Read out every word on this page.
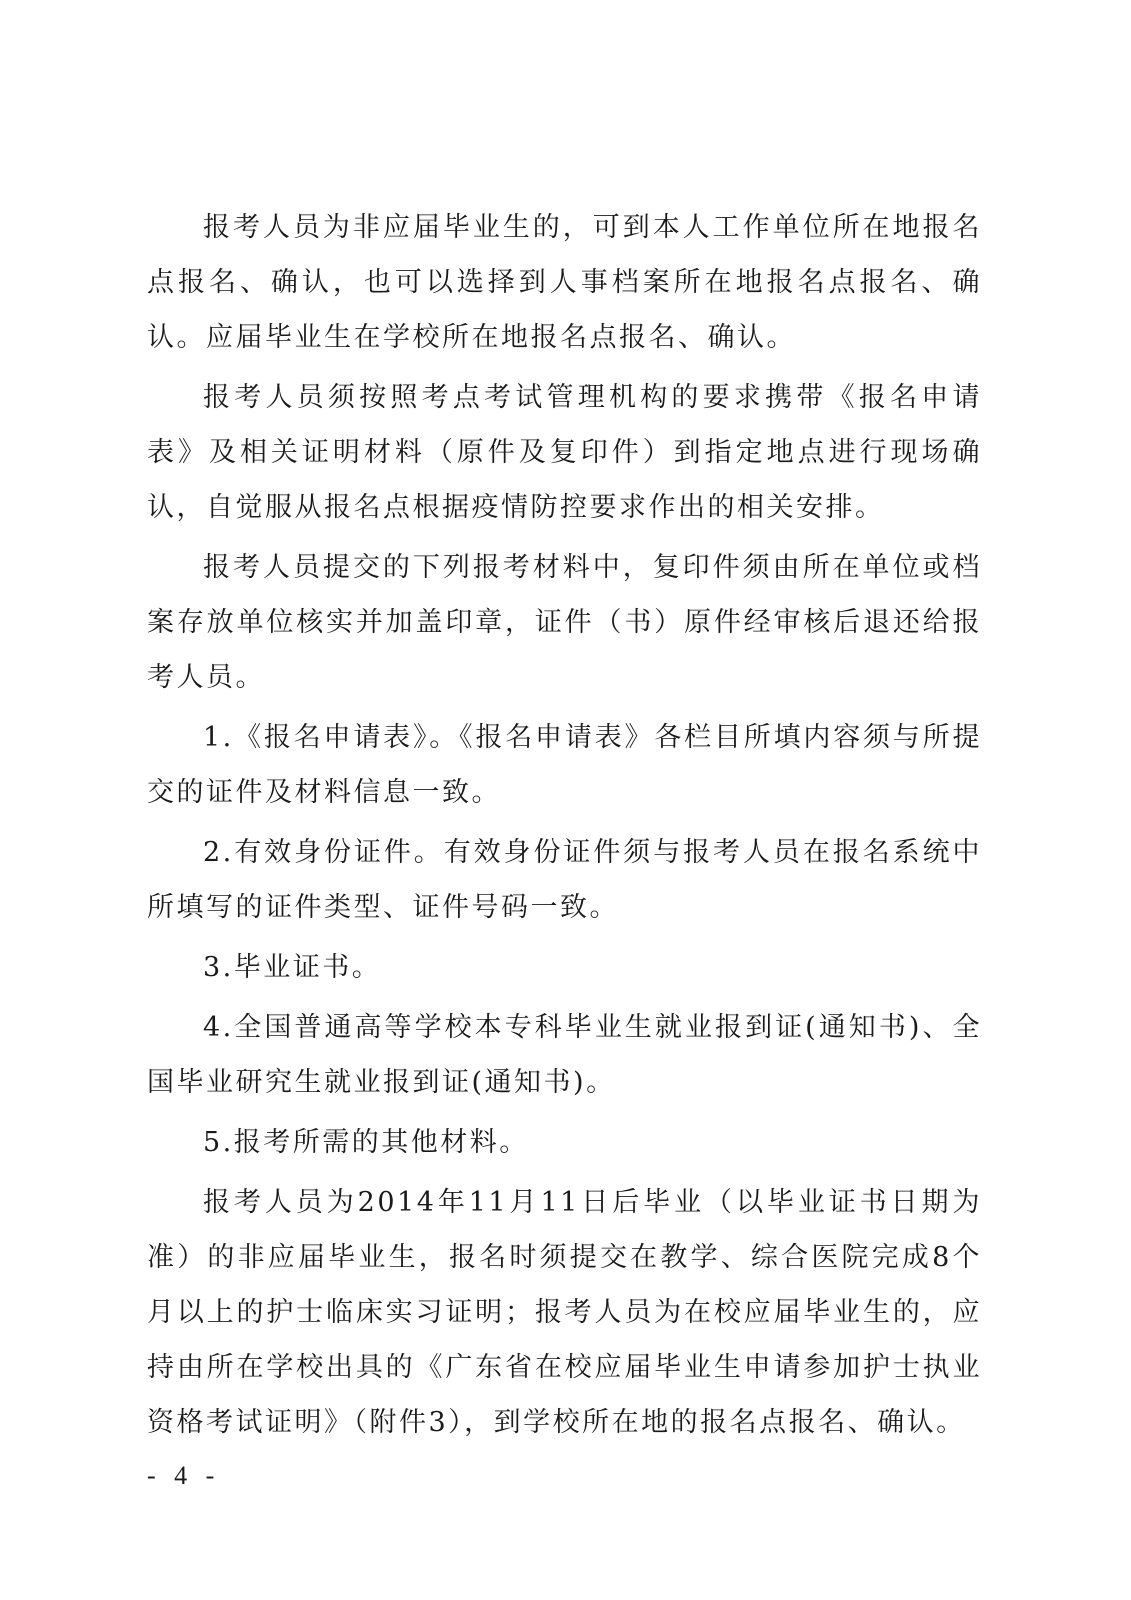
报考人员为非应届毕业生的，可到本人工作单位所在地报名点报名、确认，也可以选择到人事档案所在地报名点报名、确认。应届毕业生在学校所在地报名点报名、确认。

报考人员须按照考点考试管理机构的要求携带《报名申请表》及相关证明材料（原件及复印件）到指定地点进行现场确认，自觉服从报名点根据疫情防控要求作出的相关安排。

报考人员提交的下列报考材料中，复印件须由所在单位或档案存放单位核实并加盖印章，证件（书）原件经审核后退还给报考人员。

1.《报名申请表》。《报名申请表》各栏目所填内容须与所提交的证件及材料信息一致。

2.有效身份证件。有效身份证件须与报考人员在报名系统中所填写的证件类型、证件号码一致。

3.毕业证书。

4.全国普通高等学校本专科毕业生就业报到证(通知书)、全国毕业研究生就业报到证(通知书)。

5.报考所需的其他材料。

报考人员为2014年11月11日后毕业（以毕业证书日期为准）的非应届毕业生，报名时须提交在教学、综合医院完成8个月以上的护士临床实习证明；报考人员为在校应届毕业生的，应持由所在学校出具的《广东省在校应届毕业生申请参加护士执业资格考试证明》（附件3），到学校所在地的报名点报名、确认。

- 4 -
